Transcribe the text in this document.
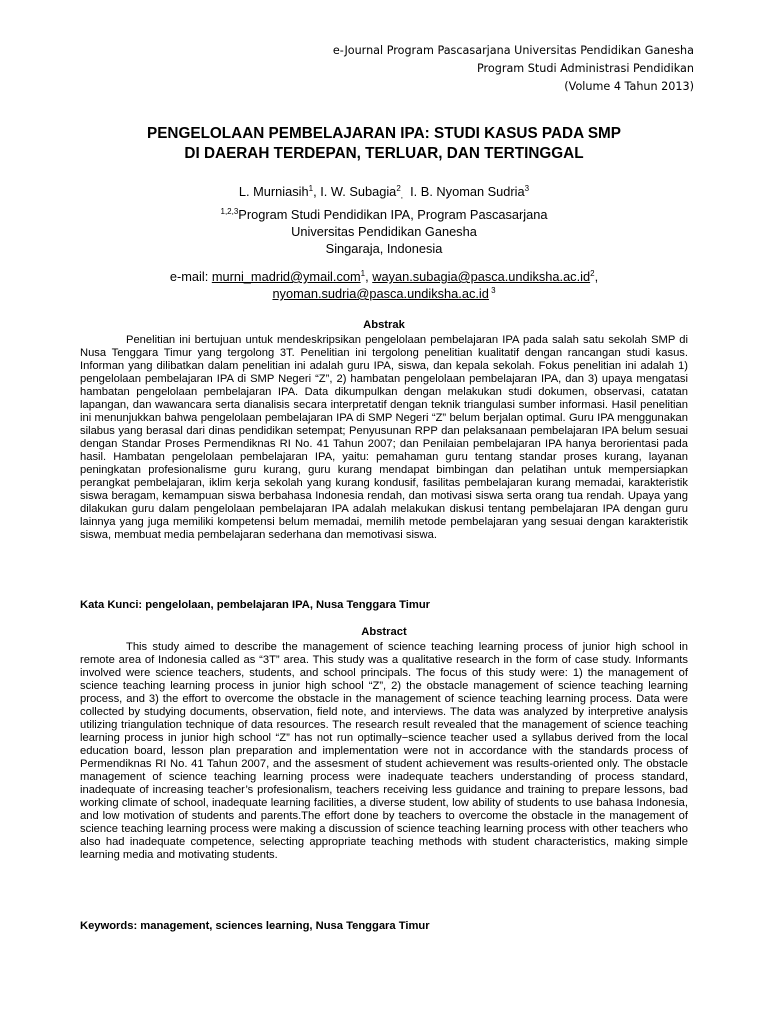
e-Journal Program Pascasarjana Universitas Pendidikan Ganesha
Program Studi Administrasi Pendidikan
(Volume 4 Tahun 2013)
PENGELOLAAN PEMBELAJARAN IPA: STUDI KASUS PADA SMP
DI DAERAH TERDEPAN, TERLUAR, DAN TERTINGGAL
L. Murniasih$^1$, I. W. Subagia$^2$, I. B. Nyoman Sudria$^3$
$^{1,2,3}$Program Studi Pendidikan IPA, Program Pascasarjana
Universitas Pendidikan Ganesha
Singaraja, Indonesia
e-mail: murni_madrid@ymail.com$^1$, $wayan.subagia@pasca.undiksha.ac.id^2$,
nyoman.sudria@pasca.undiksha.ac.id $^3$
Abstrak

Penelitian ini bertujuan untuk mendeskripsikan pengelolaan pembelajaran IPA pada salah satu sekolah SMP di Nusa Tenggara Timur yang tergolong 3T. Penelitian ini tergolong penelitian kualitatif dengan rancangan studi kasus. Informan yang dilibatkan dalam penelitian ini adalah guru IPA, siswa, dan kepala sekolah. Fokus penelitian ini adalah 1) pengelolaan pembelajaran IPA di SMP Negeri “Z”, 2) hambatan pengelolaan pembelajaran IPA, dan 3) upaya mengatasi hambatan pengelolaan pembelajaran IPA. Data dikumpulkan dengan melakukan studi dokumen, observasi, catatan lapangan, dan wawancara serta dianalisis secara interpretatif dengan teknik triangulasi sumber informasi. Hasil penelitian ini menunjukkan bahwa pengelolaan pembelajaran IPA di SMP Negeri “Z” belum berjalan optimal. Guru IPA menggunakan silabus yang berasal dari dinas pendidikan setempat; Penyusunan RPP dan pelaksanaan pembelajaran IPA belum sesuai dengan Standar Proses Permendiknas RI No. 41 Tahun 2007; dan Penilaian pembelajaran IPA hanya berorientasi pada hasil. Hambatan pengelolaan pembelajaran IPA, yaitu: pemahaman guru tentang standar proses kurang, layanan peningkatan profesionalisme guru kurang, guru kurang mendapat bimbingan dan pelatihan untuk mempersiapkan perangkat pembelajaran, iklim kerja sekolah yang kurang kondusif, fasilitas pembelajaran kurang memadai, karakteristik siswa beragam, kemampuan siswa berbahasa Indonesia rendah, dan motivasi siswa serta orang tua rendah. Upaya yang dilakukan guru dalam pengelolaan pembelajaran IPA adalah melakukan diskusi tentang pembelajaran IPA dengan guru lainnya yang juga memiliki kompetensi belum memadai, memilih metode pembelajaran yang sesuai dengan karakteristik siswa, membuat media pembelajaran sederhana dan memotivasi siswa.

Kata Kunci: pengelolaan, pembelajaran IPA, Nusa Tenggara Timur
Abstract

This study aimed to describe the management of science teaching learning process of junior high school in remote area of Indonesia called as “3T” area. This study was a qualitative research in the form of case study. Informants involved were science teachers, students, and school principals. The focus of this study were: 1) the management of science teaching learning process in junior high school “Z”, 2) the obstacle management of science teaching learning process, and 3) the effort to overcome the obstacle in the management of science teaching learning process. Data were collected by studying documents, observation, field note, and interviews. The data was analyzed by interpretive analysis utilizing triangulation technique of data resources. The research result revealed that the management of science teaching learning process in junior high school “Z” has not run optimally−science teacher used a syllabus derived from the local education board, lesson plan preparation and implementation were not in accordance with the standards process of Permendiknas RI No. 41 Tahun 2007, and the assesment of student achievement was results-oriented only. The obstacle management of science teaching learning process were inadequate teachers understanding of process standard, inadequate of increasing teacher’s profesionalism, teachers receiving less guidance and training to prepare lessons, bad working climate of school, inadequate learning facilities, a diverse student, low ability of students to use bahasa Indonesia, and low motivation of students and parents.The effort done by teachers to overcome the obstacle in the management of science teaching learning process were making a discussion of science teaching learning process with other teachers who also had inadequate competence, selecting appropriate teaching methods with student characteristics, making simple learning media and motivating students.

Keywords: management, sciences learning, Nusa Tenggara Timur
